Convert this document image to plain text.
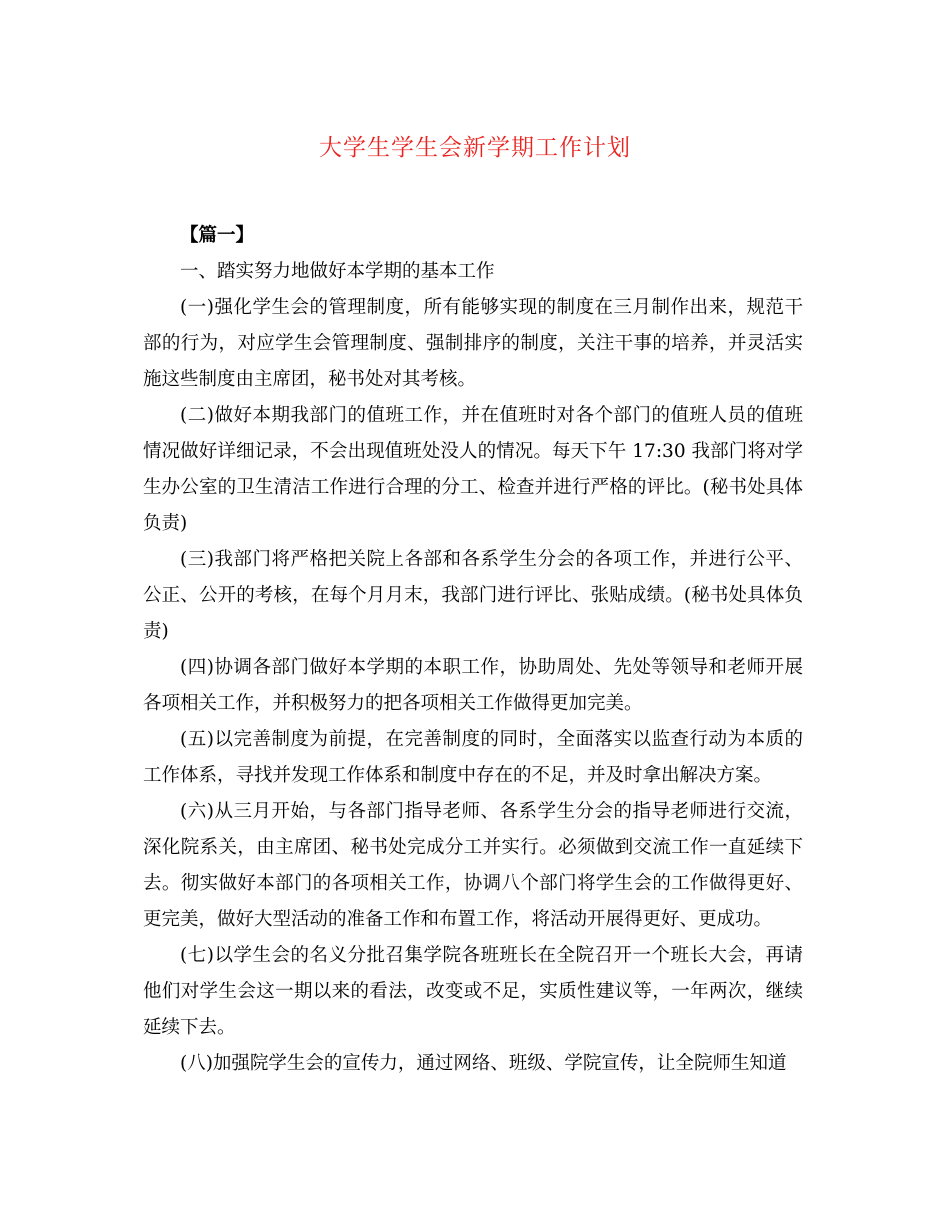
大学生学生会新学期工作计划

【篇一】

一、踏实努力地做好本学期的基本工作

(一)强化学生会的管理制度，所有能够实现的制度在三月制作出来，规范干部的行为，对应学生会管理制度、强制排序的制度，关注干事的培养，并灵活实施这些制度由主席团，秘书处对其考核。

(二)做好本期我部门的值班工作，并在值班时对各个部门的值班人员的值班情况做好详细记录，不会出现值班处没人的情况。每天下午 17:30 我部门将对学生办公室的卫生清洁工作进行合理的分工、检查并进行严格的评比。(秘书处具体负责)

(三)我部门将严格把关院上各部和各系学生分会的各项工作，并进行公平、公正、公开的考核，在每个月月末，我部门进行评比、张贴成绩。(秘书处具体负责)

(四)协调各部门做好本学期的本职工作，协助周处、先处等领导和老师开展各项相关工作，并积极努力的把各项相关工作做得更加完美。

(五)以完善制度为前提，在完善制度的同时，全面落实以监查行动为本质的工作体系，寻找并发现工作体系和制度中存在的不足，并及时拿出解决方案。

(六)从三月开始，与各部门指导老师、各系学生分会的指导老师进行交流，深化院系关，由主席团、秘书处完成分工并实行。必须做到交流工作一直延续下去。彻实做好本部门的各项相关工作，协调八个部门将学生会的工作做得更好、更完美，做好大型活动的准备工作和布置工作，将活动开展得更好、更成功。

(七)以学生会的名义分批召集学院各班班长在全院召开一个班长大会，再请他们对学生会这一期以来的看法，改变或不足，实质性建议等，一年两次，继续延续下去。

(八)加强院学生会的宣传力，通过网络、班级、学院宣传，让全院师生知道
